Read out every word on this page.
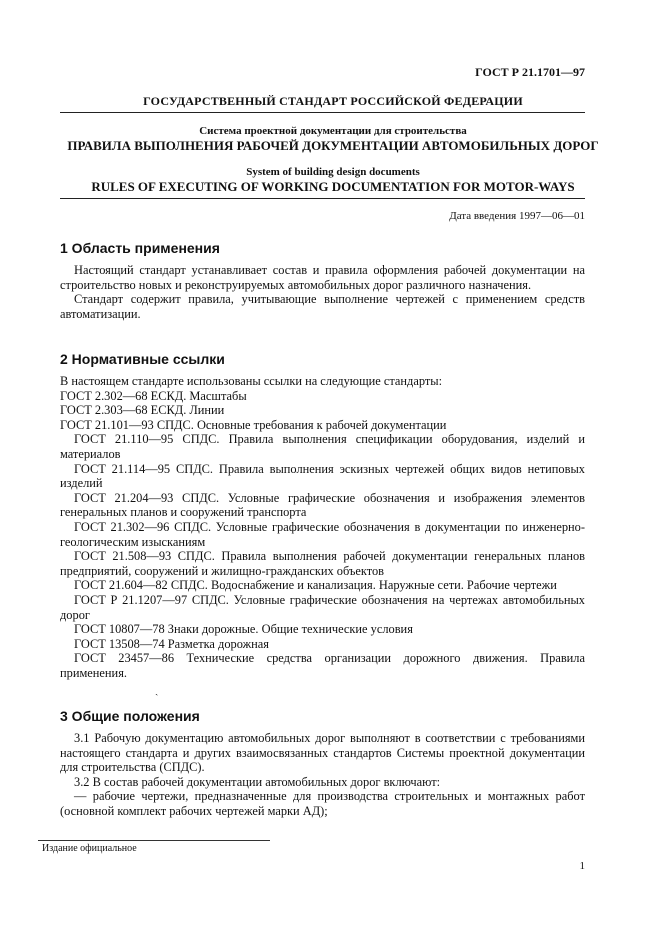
ГОСТ Р 21.1701—97
ГОСУДАРСТВЕННЫЙ СТАНДАРТ РОССИЙСКОЙ ФЕДЕРАЦИИ
Система проектной документации для строительства
ПРАВИЛА ВЫПОЛНЕНИЯ РАБОЧЕЙ ДОКУМЕНТАЦИИ АВТОМОБИЛЬНЫХ ДОРОГ
System of building design documents
RULES OF EXECUTING OF WORKING DOCUMENTATION FOR MOTOR-WAYS
Дата введения 1997—06—01
1 Область применения

Настоящий стандарт устанавливает состав и правила оформления рабочей документации на строительство новых и реконструируемых автомобильных дорог различного назначения.

Стандарт содержит правила, учитывающие выполнение чертежей с применением средств автоматизации.

2 Нормативные ссылки

В настоящем стандарте использованы ссылки на следующие стандарты:

ГОСТ 2.302—68 ЕСКД. Масштабы

ГОСТ 2.303—68 ЕСКД. Линии

ГОСТ 21.101—93 СПДС. Основные требования к рабочей документации

ГОСТ 21.110—95 СПДС. Правила выполнения спецификации оборудования, изделий и материалов

ГОСТ 21.114—95 СПДС. Правила выполнения эскизных чертежей общих видов нетиповых изделий

ГОСТ 21.204—93 СПДС. Условные графические обозначения и изображения элементов генеральных планов и сооружений транспорта

ГОСТ 21.302—96 СПДС. Условные графические обозначения в документации по инженерно-геологическим изысканиям

ГОСТ 21.508—93 СПДС. Правила выполнения рабочей документации генеральных планов предприятий, сооружений и жилищно-гражданских объектов

ГОСТ 21.604—82 СПДС. Водоснабжение и канализация. Наружные сети. Рабочие чертежи

ГОСТ Р 21.1207—97 СПДС. Условные графические обозначения на чертежах автомобильных дорог

ГОСТ 10807—78 Знаки дорожные. Общие технические условия

ГОСТ 13508—74 Разметка дорожная

ГОСТ 23457—86 Технические средства организации дорожного движения. Правила применения.

ˏ
3 Общие положения

3.1 Рабочую документацию автомобильных дорог выполняют в соответствии с требованиями настоящего стандарта и других взаимосвязанных стандартов Системы проектной документации для строительства (СПДС).

3.2 В состав рабочей документации автомобильных дорог включают:

— рабочие чертежи, предназначенные для производства строительных и монтажных работ (основной комплект рабочих чертежей марки АД);

Издание официальное
1
